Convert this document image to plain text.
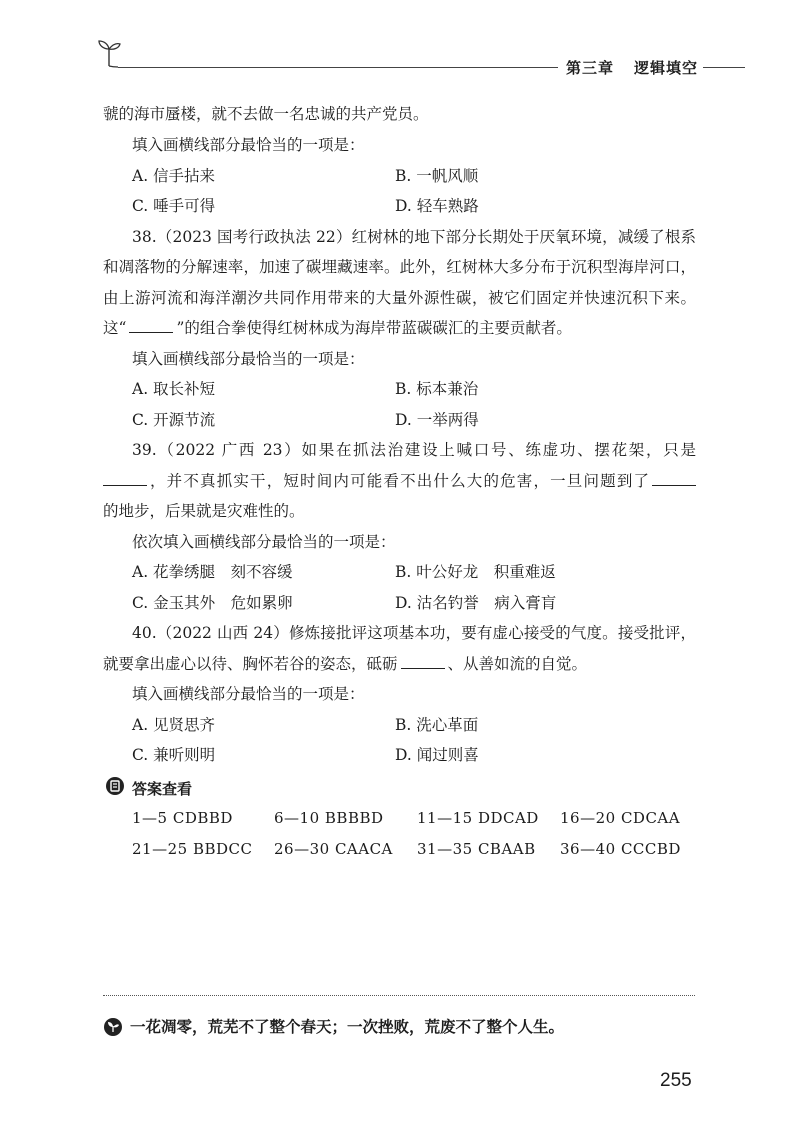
第三章 逻辑填空
虢的海市蜃楼，就不去做一名忠诚的共产党员。
填入画横线部分最恰当的一项是：
A. 信手拈来	B. 一帆风顺
C. 唾手可得	D. 轻车熟路
38.（2023 国考行政执法 22）红树林的地下部分长期处于厌氧环境，减缓了根系
和凋落物的分解速率，加速了碳埋藏速率。此外，红树林大多分布于沉积型海岸河口，
由上游河流和海洋潮汐共同作用带来的大量外源性碳，被它们固定并快速沉积下来。
这“	”的组合拳使得红树林成为海岸带蓝碳碳汇的主要贡献者。
填入画横线部分最恰当的一项是：
A. 取长补短	B. 标本兼治
C. 开源节流	D. 一举两得
39.（2022 广西 23）如果在抓法治建设上喊口号、练虚功、摆花架，只是
，并不真抓实干，短时间内可能看不出什么大的危害，一旦问题到了
的地步，后果就是灾难性的。
依次填入画横线部分最恰当的一项是：
A. 花拳绣腿　刻不容缓	B. 叶公好龙　积重难返
C. 金玉其外　危如累卵	D. 沽名钓誉　病入膏肓
40.（2022 山西 24）修炼接批评这项基本功，要有虚心接受的气度。接受批评，
就要拿出虚心以待、胸怀若谷的姿态，砥砺	、从善如流的自觉。
填入画横线部分最恰当的一项是：
A. 见贤思齐	B. 洗心革面
C. 兼听则明	D. 闻过则喜
答案查看
1—5 CDBBD	6—10 BBBBD 11—15 DDCAD 16—20 CDCAA
21—25 BBDCC 26—30 CAACA 31—35 CBAAB 36—40 CCCBD
一花凋零，荒芜不了整个春天；一次挫败，荒废不了整个人生。
255
